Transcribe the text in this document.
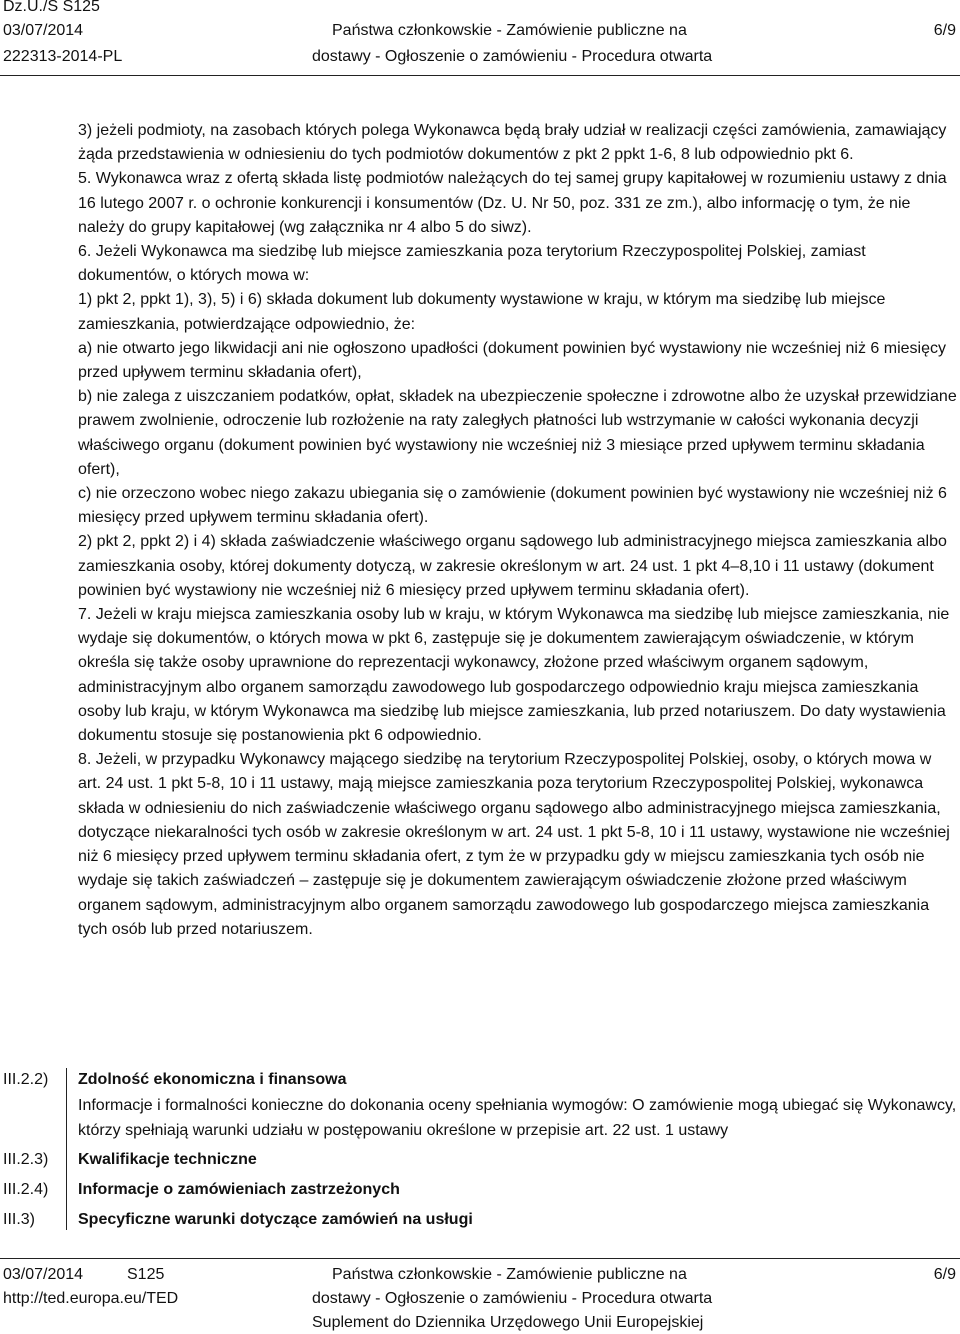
Dz.U./S S125
03/07/2014
222313-2014-PL
Państwa członkowskie - Zamówienie publiczne na
dostawy - Ogłoszenie o zamówieniu - Procedura otwarta
6/9

3) jeżeli podmioty, na zasobach których polega Wykonawca będą brały udział w realizacji części zamówienia, zamawiający żąda przedstawienia w odniesieniu do tych podmiotów dokumentów z pkt 2 ppkt 1-6, 8 lub odpowiednio pkt 6.

5. Wykonawca wraz z ofertą składa listę podmiotów należących do tej samej grupy kapitałowej w rozumieniu ustawy z dnia 16 lutego 2007 r. o ochronie konkurencji i konsumentów (Dz. U. Nr 50, poz. 331 ze zm.), albo informację o tym, że nie należy do grupy kapitałowej (wg załącznika nr 4 albo 5 do siwz).

6. Jeżeli Wykonawca ma siedzibę lub miejsce zamieszkania poza terytorium Rzeczypospolitej Polskiej, zamiast dokumentów, o których mowa w:

1) pkt 2, ppkt 1), 3), 5) i 6) składa dokument lub dokumenty wystawione w kraju, w którym ma siedzibę lub miejsce zamieszkania, potwierdzające odpowiednio, że:

a) nie otwarto jego likwidacji ani nie ogłoszono upadłości (dokument powinien być wystawiony nie wcześniej niż 6 miesięcy przed upływem terminu składania ofert),

b) nie zalega z uiszczaniem podatków, opłat, składek na ubezpieczenie społeczne i zdrowotne albo że uzyskał przewidziane prawem zwolnienie, odroczenie lub rozłożenie na raty zaległych płatności lub wstrzymanie w całości wykonania decyzji właściwego organu (dokument powinien być wystawiony nie wcześniej niż 3 miesiące przed upływem terminu składania ofert),

c) nie orzeczono wobec niego zakazu ubiegania się o zamówienie (dokument powinien być wystawiony nie wcześniej niż 6 miesięcy przed upływem terminu składania ofert).

2) pkt 2, ppkt 2) i 4) składa zaświadczenie właściwego organu sądowego lub administracyjnego miejsca zamieszkania albo zamieszkania osoby, której dokumenty dotyczą, w zakresie określonym w art. 24 ust. 1 pkt 4–8,10 i 11 ustawy (dokument powinien być wystawiony nie wcześniej niż 6 miesięcy przed upływem terminu składania ofert).

7. Jeżeli w kraju miejsca zamieszkania osoby lub w kraju, w którym Wykonawca ma siedzibę lub miejsce zamieszkania, nie wydaje się dokumentów, o których mowa w pkt 6, zastępuje się je dokumentem zawierającym oświadczenie, w którym określa się także osoby uprawnione do reprezentacji wykonawcy, złożone przed właściwym organem sądowym, administracyjnym albo organem samorządu zawodowego lub gospodarczego odpowiednio kraju miejsca zamieszkania osoby lub kraju, w którym Wykonawca ma siedzibę lub miejsce zamieszkania, lub przed notariuszem. Do daty wystawienia dokumentu stosuje się postanowienia pkt 6 odpowiednio.

8. Jeżeli, w przypadku Wykonawcy mającego siedzibę na terytorium Rzeczypospolitej Polskiej, osoby, o których mowa w art. 24 ust. 1 pkt 5-8, 10 i 11 ustawy, mają miejsce zamieszkania poza terytorium Rzeczypospolitej Polskiej, wykonawca składa w odniesieniu do nich zaświadczenie właściwego organu sądowego albo administracyjnego miejsca zamieszkania, dotyczące niekaralności tych osób w zakresie określonym w art. 24 ust. 1 pkt 5-8, 10 i 11 ustawy, wystawione nie wcześniej niż 6 miesięcy przed upływem terminu składania ofert, z tym że w przypadku gdy w miejscu zamieszkania tych osób nie wydaje się takich zaświadczeń – zastępuje się je dokumentem zawierającym oświadczenie złożone przed właściwym organem sądowym, administracyjnym albo organem samorządu zawodowego lub gospodarczego miejsca zamieszkania tych osób lub przed notariuszem.

III.2.2) Zdolność ekonomiczna i finansowa
Informacje i formalności konieczne do dokonania oceny spełniania wymogów: O zamówienie mogą ubiegać się Wykonawcy, którzy spełniają warunki udziału w postępowaniu określone w przepisie art. 22 ust. 1 ustawy
III.2.3) Kwalifikacje techniczne
III.2.4) Informacje o zamówieniach zastrzeżonych
III.3)	Specyficzne warunki dotyczące zamówień na usługi
03/07/2014	S125
http://ted.europa.eu/TED
Państwa członkowskie - Zamówienie publiczne na
dostawy - Ogłoszenie o zamówieniu - Procedura otwarta
Suplement do Dziennika Urzędowego Unii Europejskiej
6/9
